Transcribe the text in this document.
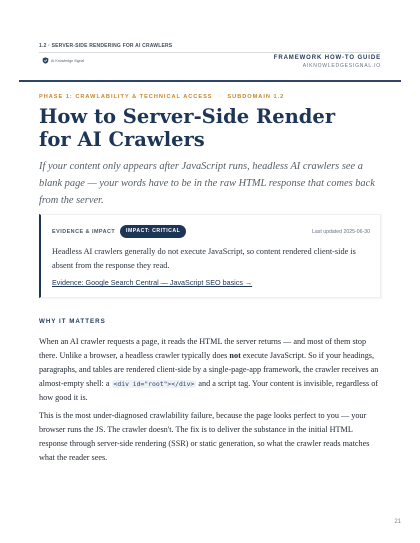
1.2 · SERVER-SIDE RENDERING FOR AI CRAWLERS
AI Knowledge Signal	FRAMEWORK HOW-TO GUIDE
AIKNOWLEDGESIGNAL.IO
PHASE 1: CRAWLABILITY & TECHNICAL ACCESS · SUBDOMAIN 1.2
How to Server-Side Render for AI Crawlers

If your content only appears after JavaScript runs, headless AI crawlers see a blank page — your words have to be in the raw HTML response that comes back from the server.

EVIDENCE & IMPACT	IMPACT: CRITICAL	Last updated 2025-06-30

Headless AI crawlers generally do not execute JavaScript, so content rendered client-side is absent from the response they read.

Evidence: Google Search Central — JavaScript SEO basics →
WHY IT MATTERS

When an AI crawler requests a page, it reads the HTML the server returns — and most of them stop there. Unlike a browser, a headless crawler typically does not execute JavaScript. So if your headings, paragraphs, and tables are rendered client-side by a single-page-app framework, the crawler receives an almost-empty shell: a <div id="root"></div> and a script tag. Your content is invisible, regardless of how good it is.

This is the most under-diagnosed crawlability failure, because the page looks perfect to you — your browser runs the JS. The crawler doesn't. The fix is to deliver the substance in the initial HTML response through server-side rendering (SSR) or static generation, so what the crawler reads matches what the reader sees.

21
